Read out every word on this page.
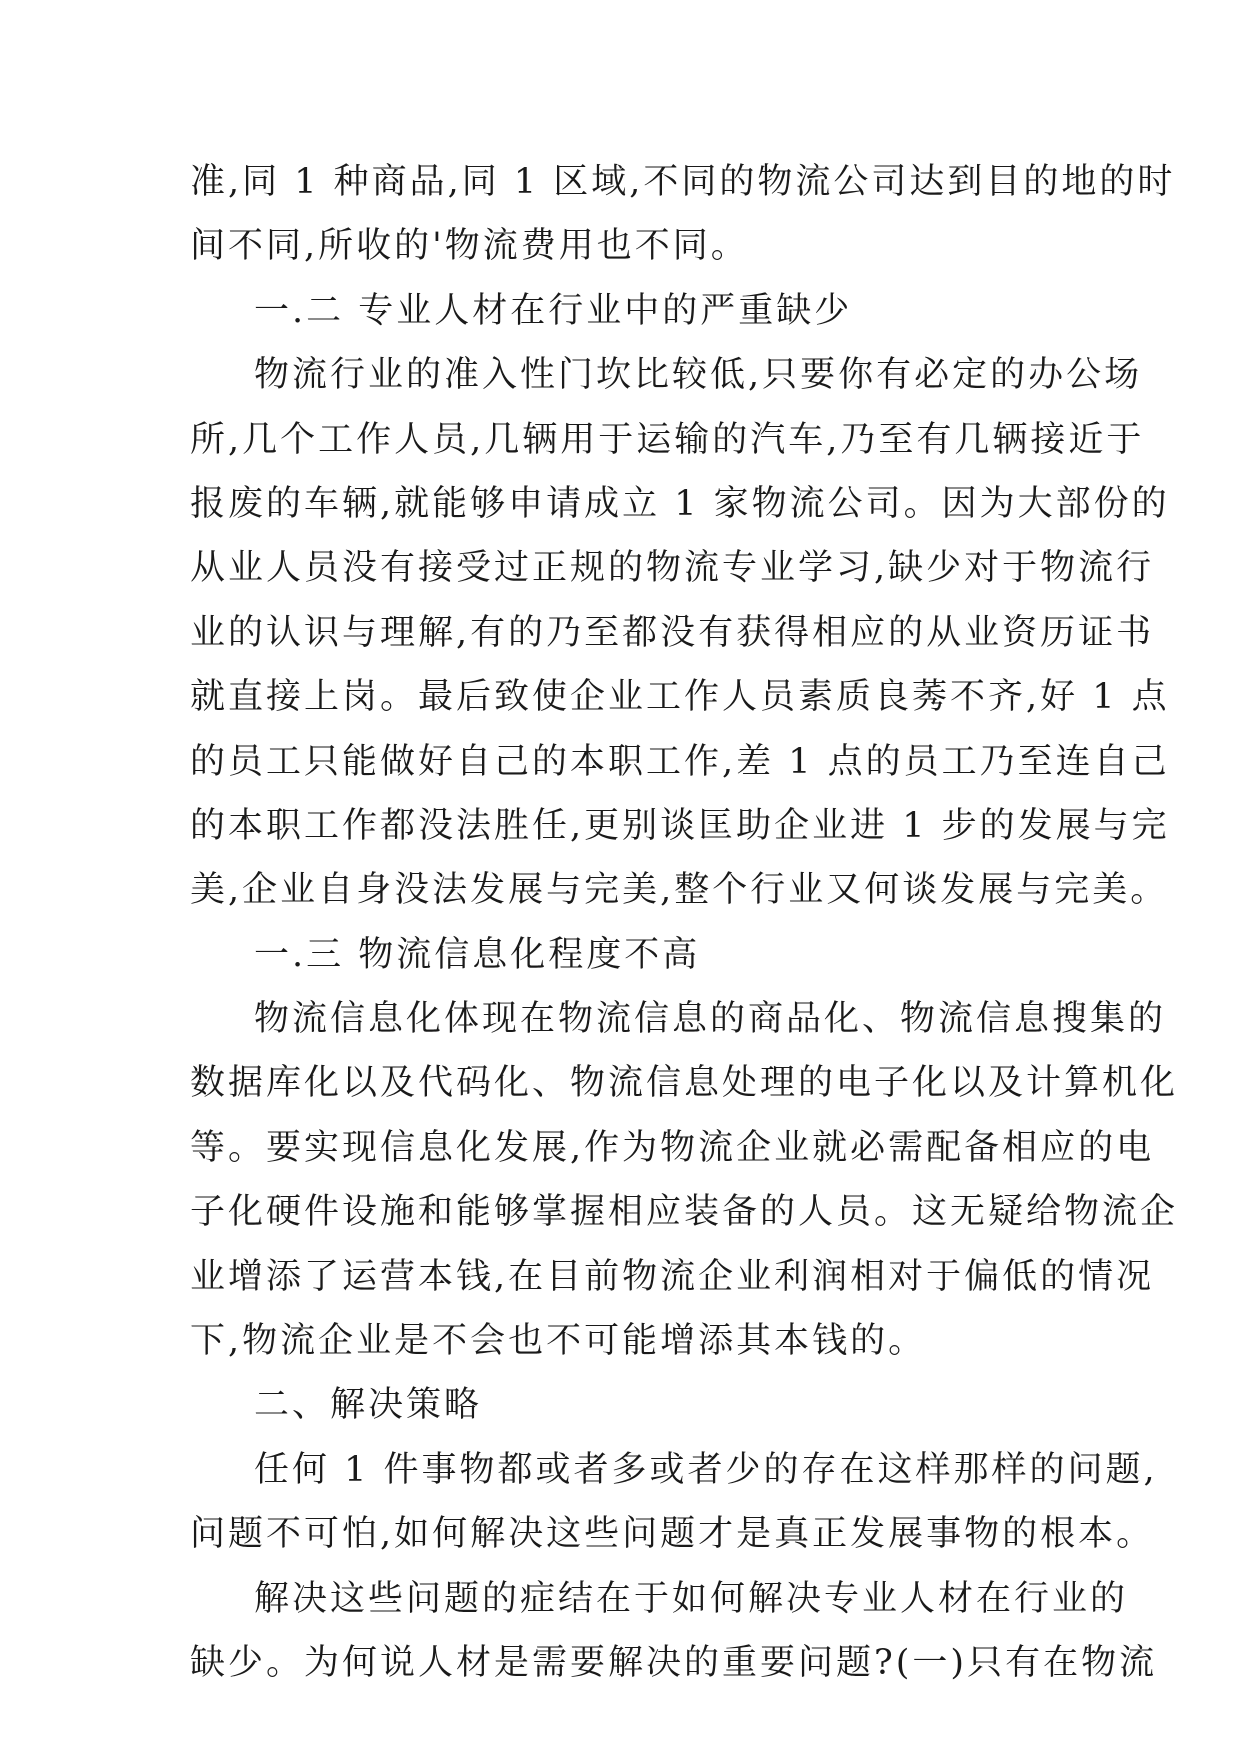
准,同 1 种商品,同 1 区域,不同的物流公司达到目的地的时
间不同,所收的'物流费用也不同。
一.二 专业人材在行业中的严重缺少
物流行业的准入性门坎比较低,只要你有必定的办公场
所,几个工作人员,几辆用于运输的汽车,乃至有几辆接近于
报废的车辆,就能够申请成立 1 家物流公司。因为大部份的
从业人员没有接受过正规的物流专业学习,缺少对于物流行
业的认识与理解,有的乃至都没有获得相应的从业资历证书
就直接上岗。最后致使企业工作人员素质良莠不齐,好 1 点
的员工只能做好自己的本职工作,差 1 点的员工乃至连自己
的本职工作都没法胜任,更别谈匡助企业进 1 步的发展与完
美,企业自身没法发展与完美,整个行业又何谈发展与完美。
一.三 物流信息化程度不高
物流信息化体现在物流信息的商品化、物流信息搜集的
数据库化以及代码化、物流信息处理的电子化以及计算机化
等。要实现信息化发展,作为物流企业就必需配备相应的电
子化硬件设施和能够掌握相应装备的人员。这无疑给物流企
业增添了运营本钱,在目前物流企业利润相对于偏低的情况
下,物流企业是不会也不可能增添其本钱的。
二、解决策略
任何 1 件事物都或者多或者少的存在这样那样的问题,
问题不可怕,如何解决这些问题才是真正发展事物的根本。
解决这些问题的症结在于如何解决专业人材在行业的
缺少。为何说人材是需要解决的重要问题?(一)只有在物流
